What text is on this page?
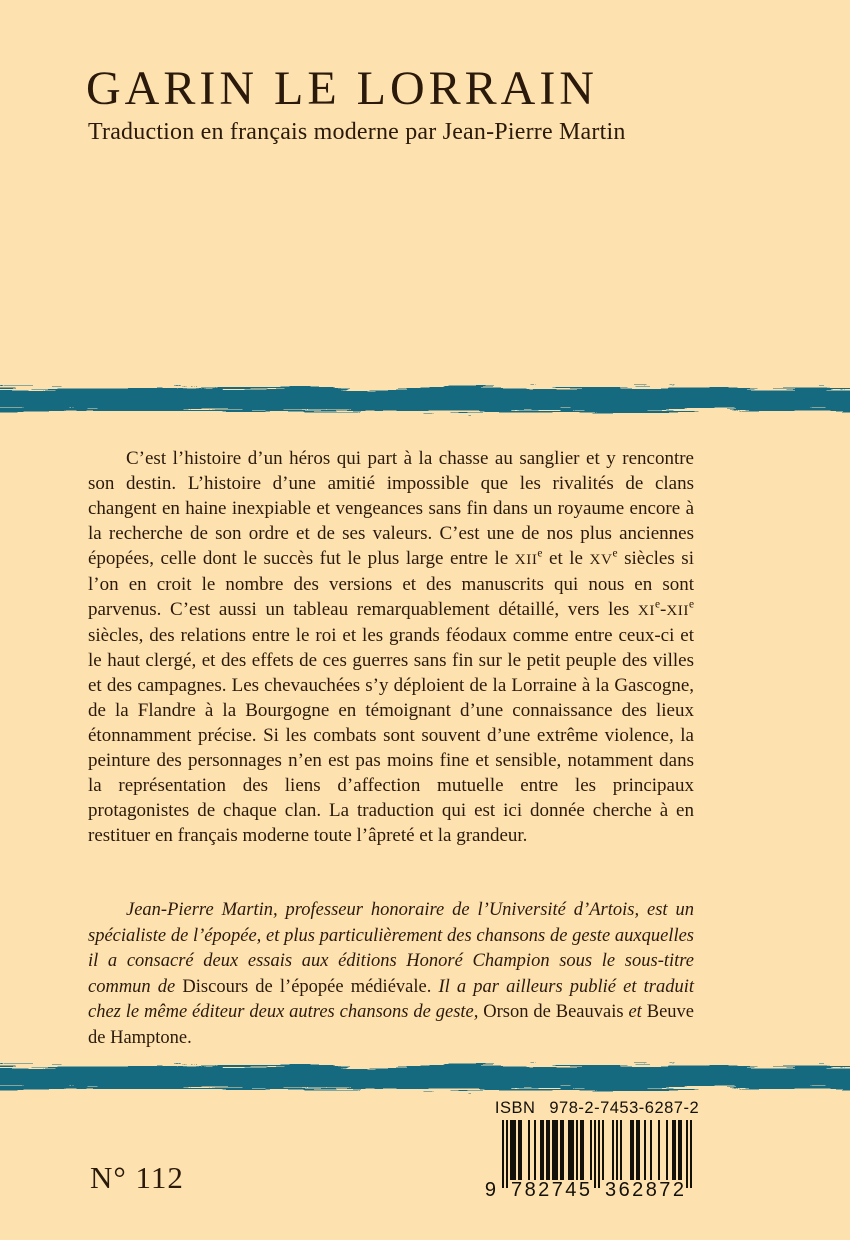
GARIN LE LORRAIN
Traduction en français moderne par Jean-Pierre Martin

C’est l’histoire d’un héros qui part à la chasse au sanglier et y rencontre son destin. L’histoire d’une amitié impossible que les rivalités de clans changent en haine inexpiable et vengeances sans fin dans un royaume encore à la recherche de son ordre et de ses valeurs. C’est une de nos plus anciennes épopées, celle dont le succès fut le plus large entre le XIIe et le XVe siècles si l’on en croit le nombre des versions et des manuscrits qui nous en sont parvenus. C’est aussi un tableau remarquablement détaillé, vers les XIe-XIIe siècles, des relations entre le roi et les grands féodaux comme entre ceux-ci et le haut clergé, et des effets de ces guerres sans fin sur le petit peuple des villes et des campagnes. Les chevauchées s’y déploient de la Lorraine à la Gascogne, de la Flandre à la Bourgogne en témoignant d’une connaissance des lieux étonnamment précise. Si les combats sont souvent d’une extrême violence, la peinture des personnages n’en est pas moins fine et sensible, notamment dans la représentation des liens d’affection mutuelle entre les principaux protagonistes de chaque clan. La traduction qui est ici donnée cherche à en restituer en français moderne toute l’âpreté et la grandeur.

Jean-Pierre Martin, professeur honoraire de l’Université d’Artois, est un spécialiste de l’épopée, et plus particulièrement des chansons de geste auxquelles il a consacré deux essais aux éditions Honoré Champion sous le sous-titre commun de Discours de l’épopée médiévale. Il a par ailleurs publié et traduit chez le même éditeur deux autres chansons de geste, Orson de Beauvais et Beuve de Hamptone.

ISBN 978-2-7453-6287-2
9 7 8 2 7 4 5 3 6 2 8 7 2
N° 112
